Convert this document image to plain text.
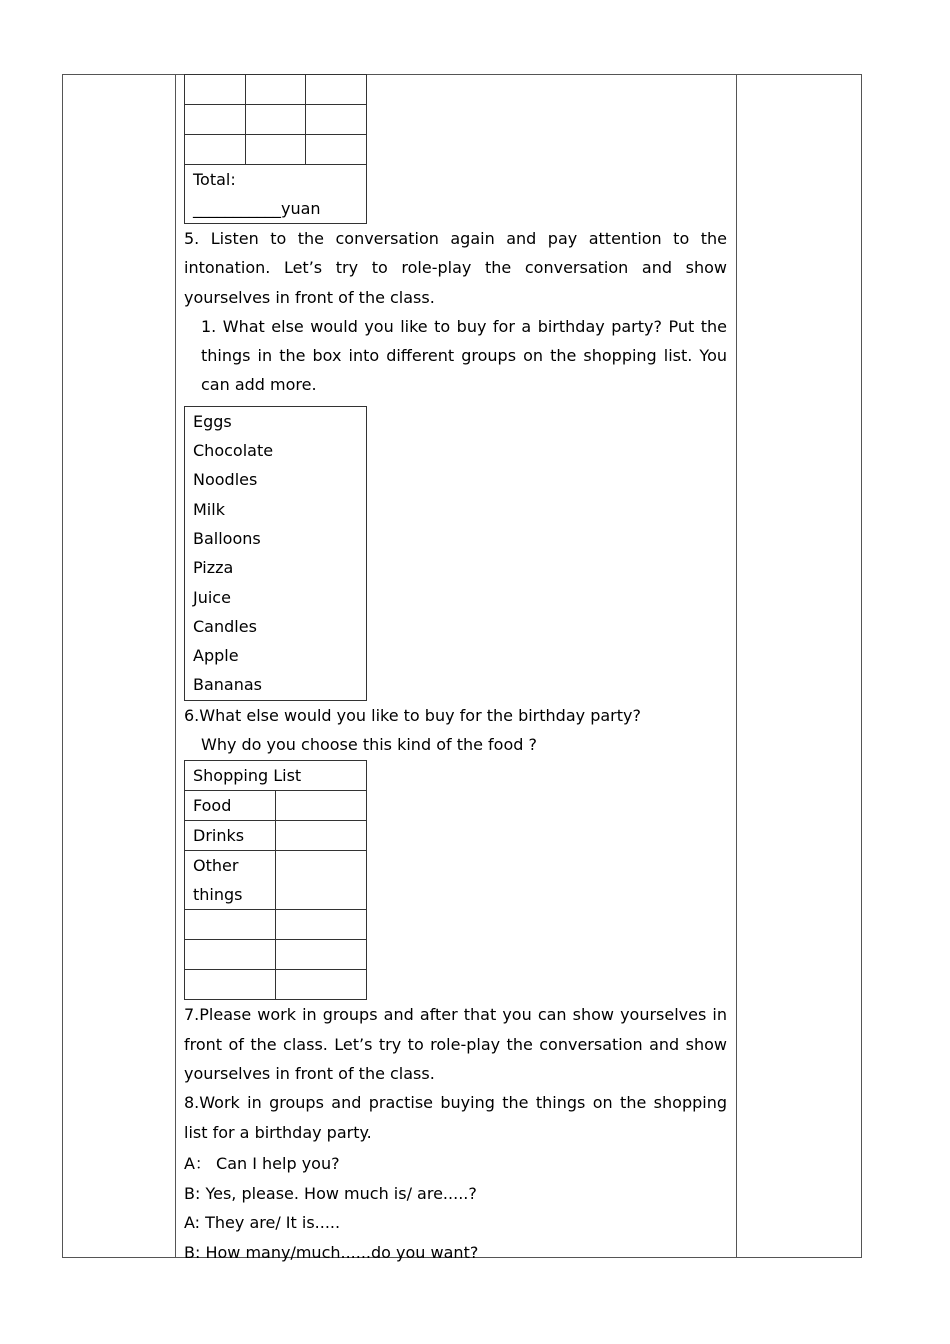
Total:
___________yuan		
5. Listen to the conversation again and pay attention to the intonation. Let’s try to role-play the conversation and show yourselves in front of the class.
1. What else would you like to buy for a birthday party? Put the things in the box into different groups on the shopping list. You can add more.
Eggs
Chocolate
Noodles
Milk
Balloons
Pizza
Juice
Candles
Apple
Bananas
6.What else would you like to buy for the birthday party?
Why do you choose this kind of the food ?
Shopping List	
Food	
Drinks	
Other things	

7.Please work in groups and after that you can show yourselves in front of the class. Let’s try to role-play the conversation and show yourselves in front of the class.
8.Work in groups and practise buying the things on the shopping list for a birthday party.
A： Can I help you?
B: Yes, please. How much is/ are.....?
A: They are/ It is.....
B: How many/much......do you want?
